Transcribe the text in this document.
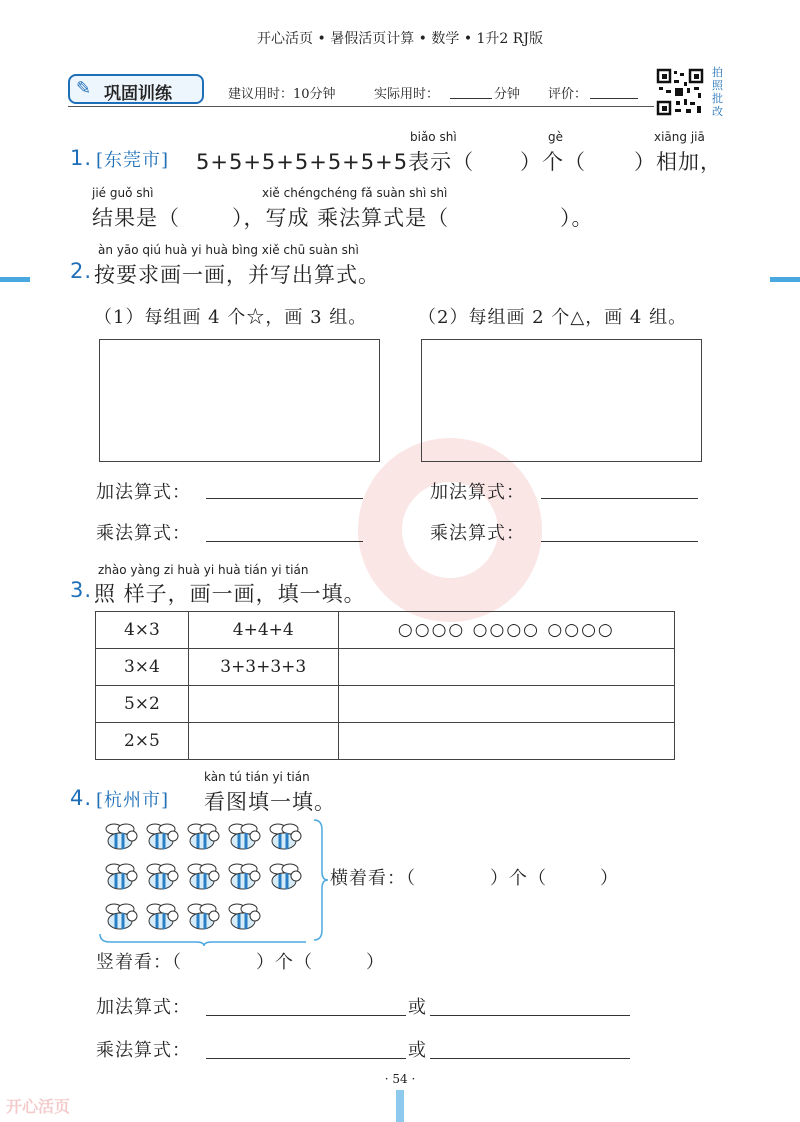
开心活页 • 暑假活页计算 • 数学 • 1升2 RJ版
✎ 巩固训练	建议用时：10分钟	实际用时：	分钟 评价：
拍照批改
1. [东莞市]
biǎo shì	gè	xiāng jiā
5+5+5+5+5+5+5表示（ ）个（ ）相加，
jié guǒ shì	xiě chéngchéng fǎ suàn shì shì
结果是（ ），写成 乘法算式是（	）。
àn yāo qiú huà yi huà bìng xiě chū suàn shì
2. 按要求画一画，并写出算式。
（1）每组画 4 个☆，画 3 组。	（2）每组画 2 个△，画 4 组。
加法算式：	加法算式：
乘法算式：	乘法算式：
zhào yàng zi huà yi huà tián yi tián
3. 照 样子，画一画，填一填。
4×3	4+4+4	○○○○ ○○○○ ○○○○
3×4	3+3+3+3	
5×2		
2×5		
kàn tú tián yi tián
4. [杭州市] 看图填一填。
横着看：（	）个（	）
竖着看：（	）个（	）
加法算式：	或
乘法算式：	或
· 54 ·
开心活页
